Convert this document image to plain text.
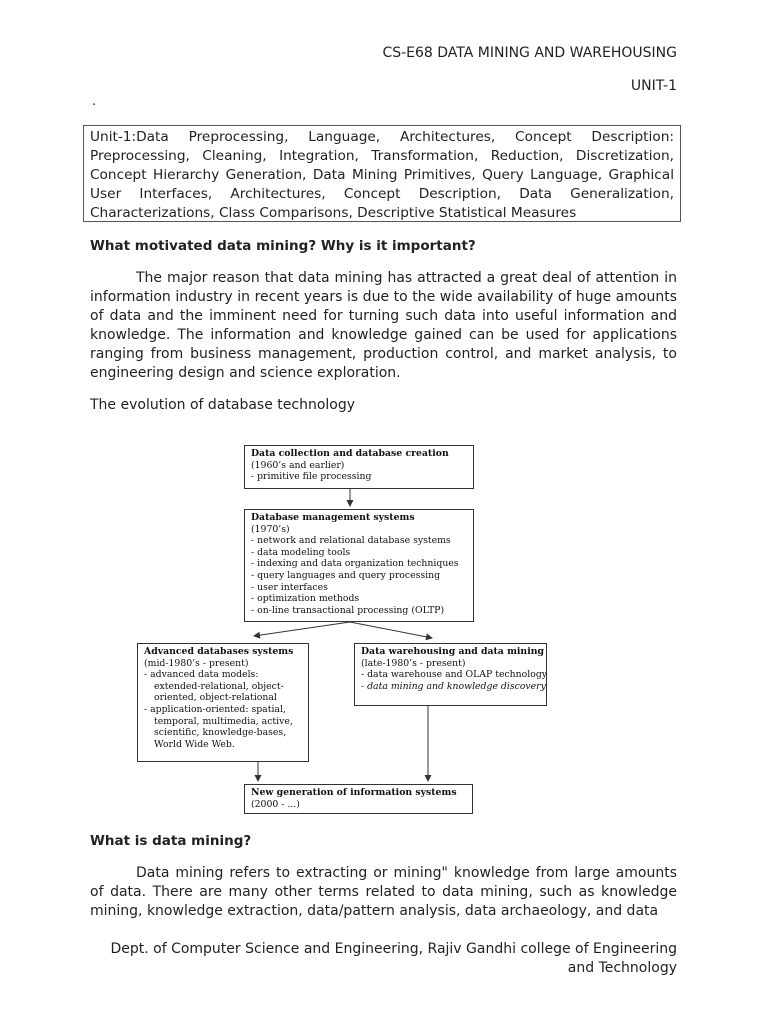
CS-E68 DATA MINING AND WAREHOUSING
UNIT-1
.
Unit-1:Data Preprocessing, Language, Architectures, Concept Description: Preprocessing, Cleaning, Integration, Transformation, Reduction, Discretization, Concept Hierarchy Generation, Data Mining Primitives, Query Language, Graphical User Interfaces, Architectures, Concept Description, Data Generalization, Characterizations, Class Comparisons, Descriptive Statistical Measures
What motivated data mining? Why is it important?
The major reason that data mining has attracted a great deal of attention in information industry in recent years is due to the wide availability of huge amounts of data and the imminent need for turning such data into useful information and knowledge. The information and knowledge gained can be used for applications ranging from business management, production control, and market analysis, to engineering design and science exploration.
The evolution of database technology
Data collection and database creation
(1960’s and earlier)
- primitive file processing
Database management systems
(1970’s)
- network and relational database systems
- data modeling tools
- indexing and data organization techniques
- query languages and query processing
- user interfaces
- optimization methods
- on-line transactional processing (OLTP)
Advanced databases systems
(mid-1980’s - present)
- advanced data models:
extended-relational, object-
oriented, object-relational
- application-oriented: spatial,
temporal, multimedia, active,
scientific, knowledge-bases,
World Wide Web.
Data warehousing and data mining
(late-1980’s - present)
- data warehouse and OLAP technology
- data mining and knowledge discovery
New generation of information systems
(2000 - ...)
What is data mining?
Data mining refers to extracting or mining" knowledge from large amounts of data. There are many other terms related to data mining, such as knowledge mining, knowledge extraction, data/pattern analysis, data archaeology, and data
Dept. of Computer Science and Engineering, Rajiv Gandhi college of Engineering
and Technology
